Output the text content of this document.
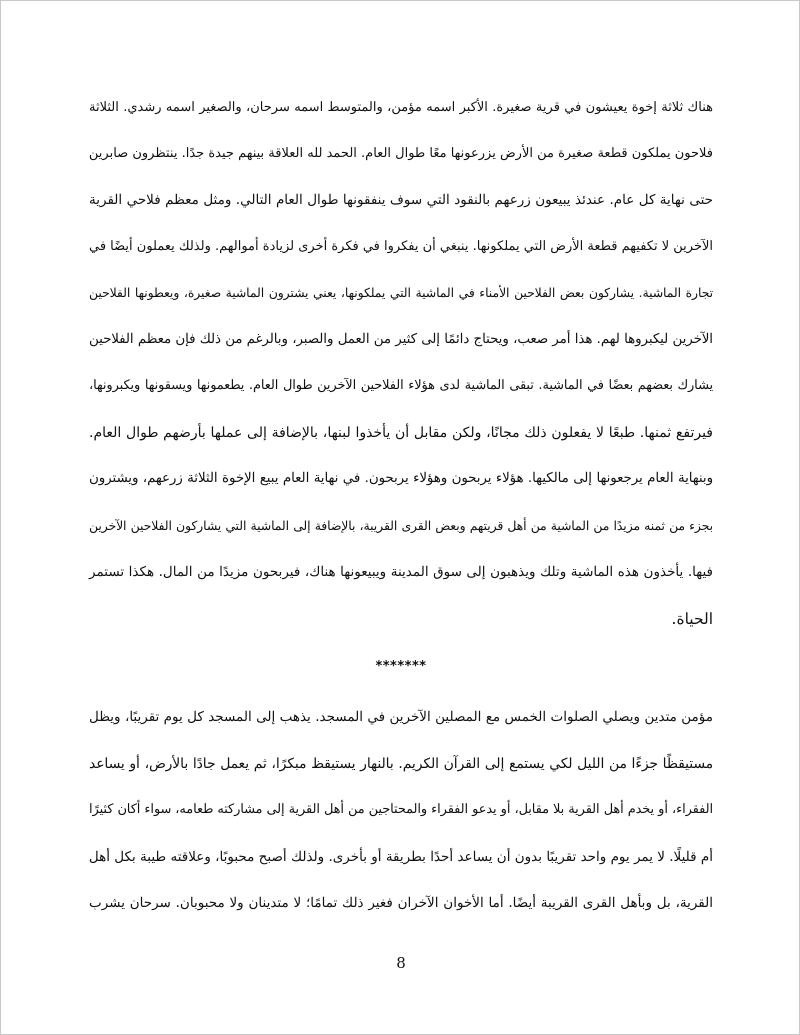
هناك ثلاثة إخوة يعيشون في قرية صغيرة. الأكبر اسمه مؤمن، والمتوسط اسمه سرحان، والصغير اسمه رشدي. الثلاثة
فلاحون يملكون قطعة صغيرة من الأرض يزرعونها معًا طوال العام. الحمد لله العلاقة بينهم جيدة جدًا. ينتظرون صابرين
حتى نهاية كل عام. عندئذ يبيعون زرعهم بالنقود التي سوف ينفقونها طوال العام التالي. ومثل معظم فلاحي القرية
الآخرين لا تكفيهم قطعة الأرض التي يملكونها. ينبغي أن يفكروا في فكرة أخرى لزيادة أموالهم. ولذلك يعملون أيضًا في
تجارة الماشية. يشاركون بعض الفلاحين الأمناء في الماشية التي يملكونها، يعني يشترون الماشية صغيرة، ويعطونها الفلاحين
الآخرين ليكبروها لهم. هذا أمر صعب، ويحتاج دائمًا إلى كثير من العمل والصبر، وبالرغم من ذلك فإن معظم الفلاحين
يشارك بعضهم بعضًا في الماشية. تبقى الماشية لدى هؤلاء الفلاحين الآخرين طوال العام. يطعمونها ويسقونها ويكبرونها،
فيرتفع ثمنها. طبعًا لا يفعلون ذلك مجانًا، ولكن مقابل أن يأخذوا لبنها، بالإضافة إلى عملها بأرضهم طوال العام.
وبنهاية العام يرجعونها إلى مالكيها. هؤلاء يربحون وهؤلاء يربحون. في نهاية العام يبيع الإخوة الثلاثة زرعهم، ويشترون
بجزء من ثمنه مزيدًا من الماشية من أهل قريتهم وبعض القرى القريبة، بالإضافة إلى الماشية التي يشاركون الفلاحين الآخرين
فيها. يأخذون هذه الماشية وتلك ويذهبون إلى سوق المدينة ويبيعونها هناك، فيربحون مزيدًا من المال. هكذا تستمر
الحياة.
*******
مؤمن متدين ويصلي الصلوات الخمس مع المصلين الآخرين في المسجد. يذهب إلى المسجد كل يوم تقريبًا، ويظل
مستيقظًا جزءًا من الليل لكي يستمع إلى القرآن الكريم. بالنهار يستيقظ مبكرًا، ثم يعمل جادًا بالأرض، أو يساعد
الفقراء، أو يخدم أهل القرية بلا مقابل، أو يدعو الفقراء والمحتاجين من أهل القرية إلى مشاركته طعامه، سواء أكان كثيرًا
أم قليلًا. لا يمر يوم واحد تقريبًا بدون أن يساعد أحدًا بطريقة أو بأخرى. ولذلك أصبح محبوبًا، وعلاقته طيبة بكل أهل
القرية، بل وبأهل القرى القريبة أيضًا. أما الأخوان الآخران فغير ذلك تمامًا؛ لا متدينان ولا محبوبان. سرحان يشرب
8
